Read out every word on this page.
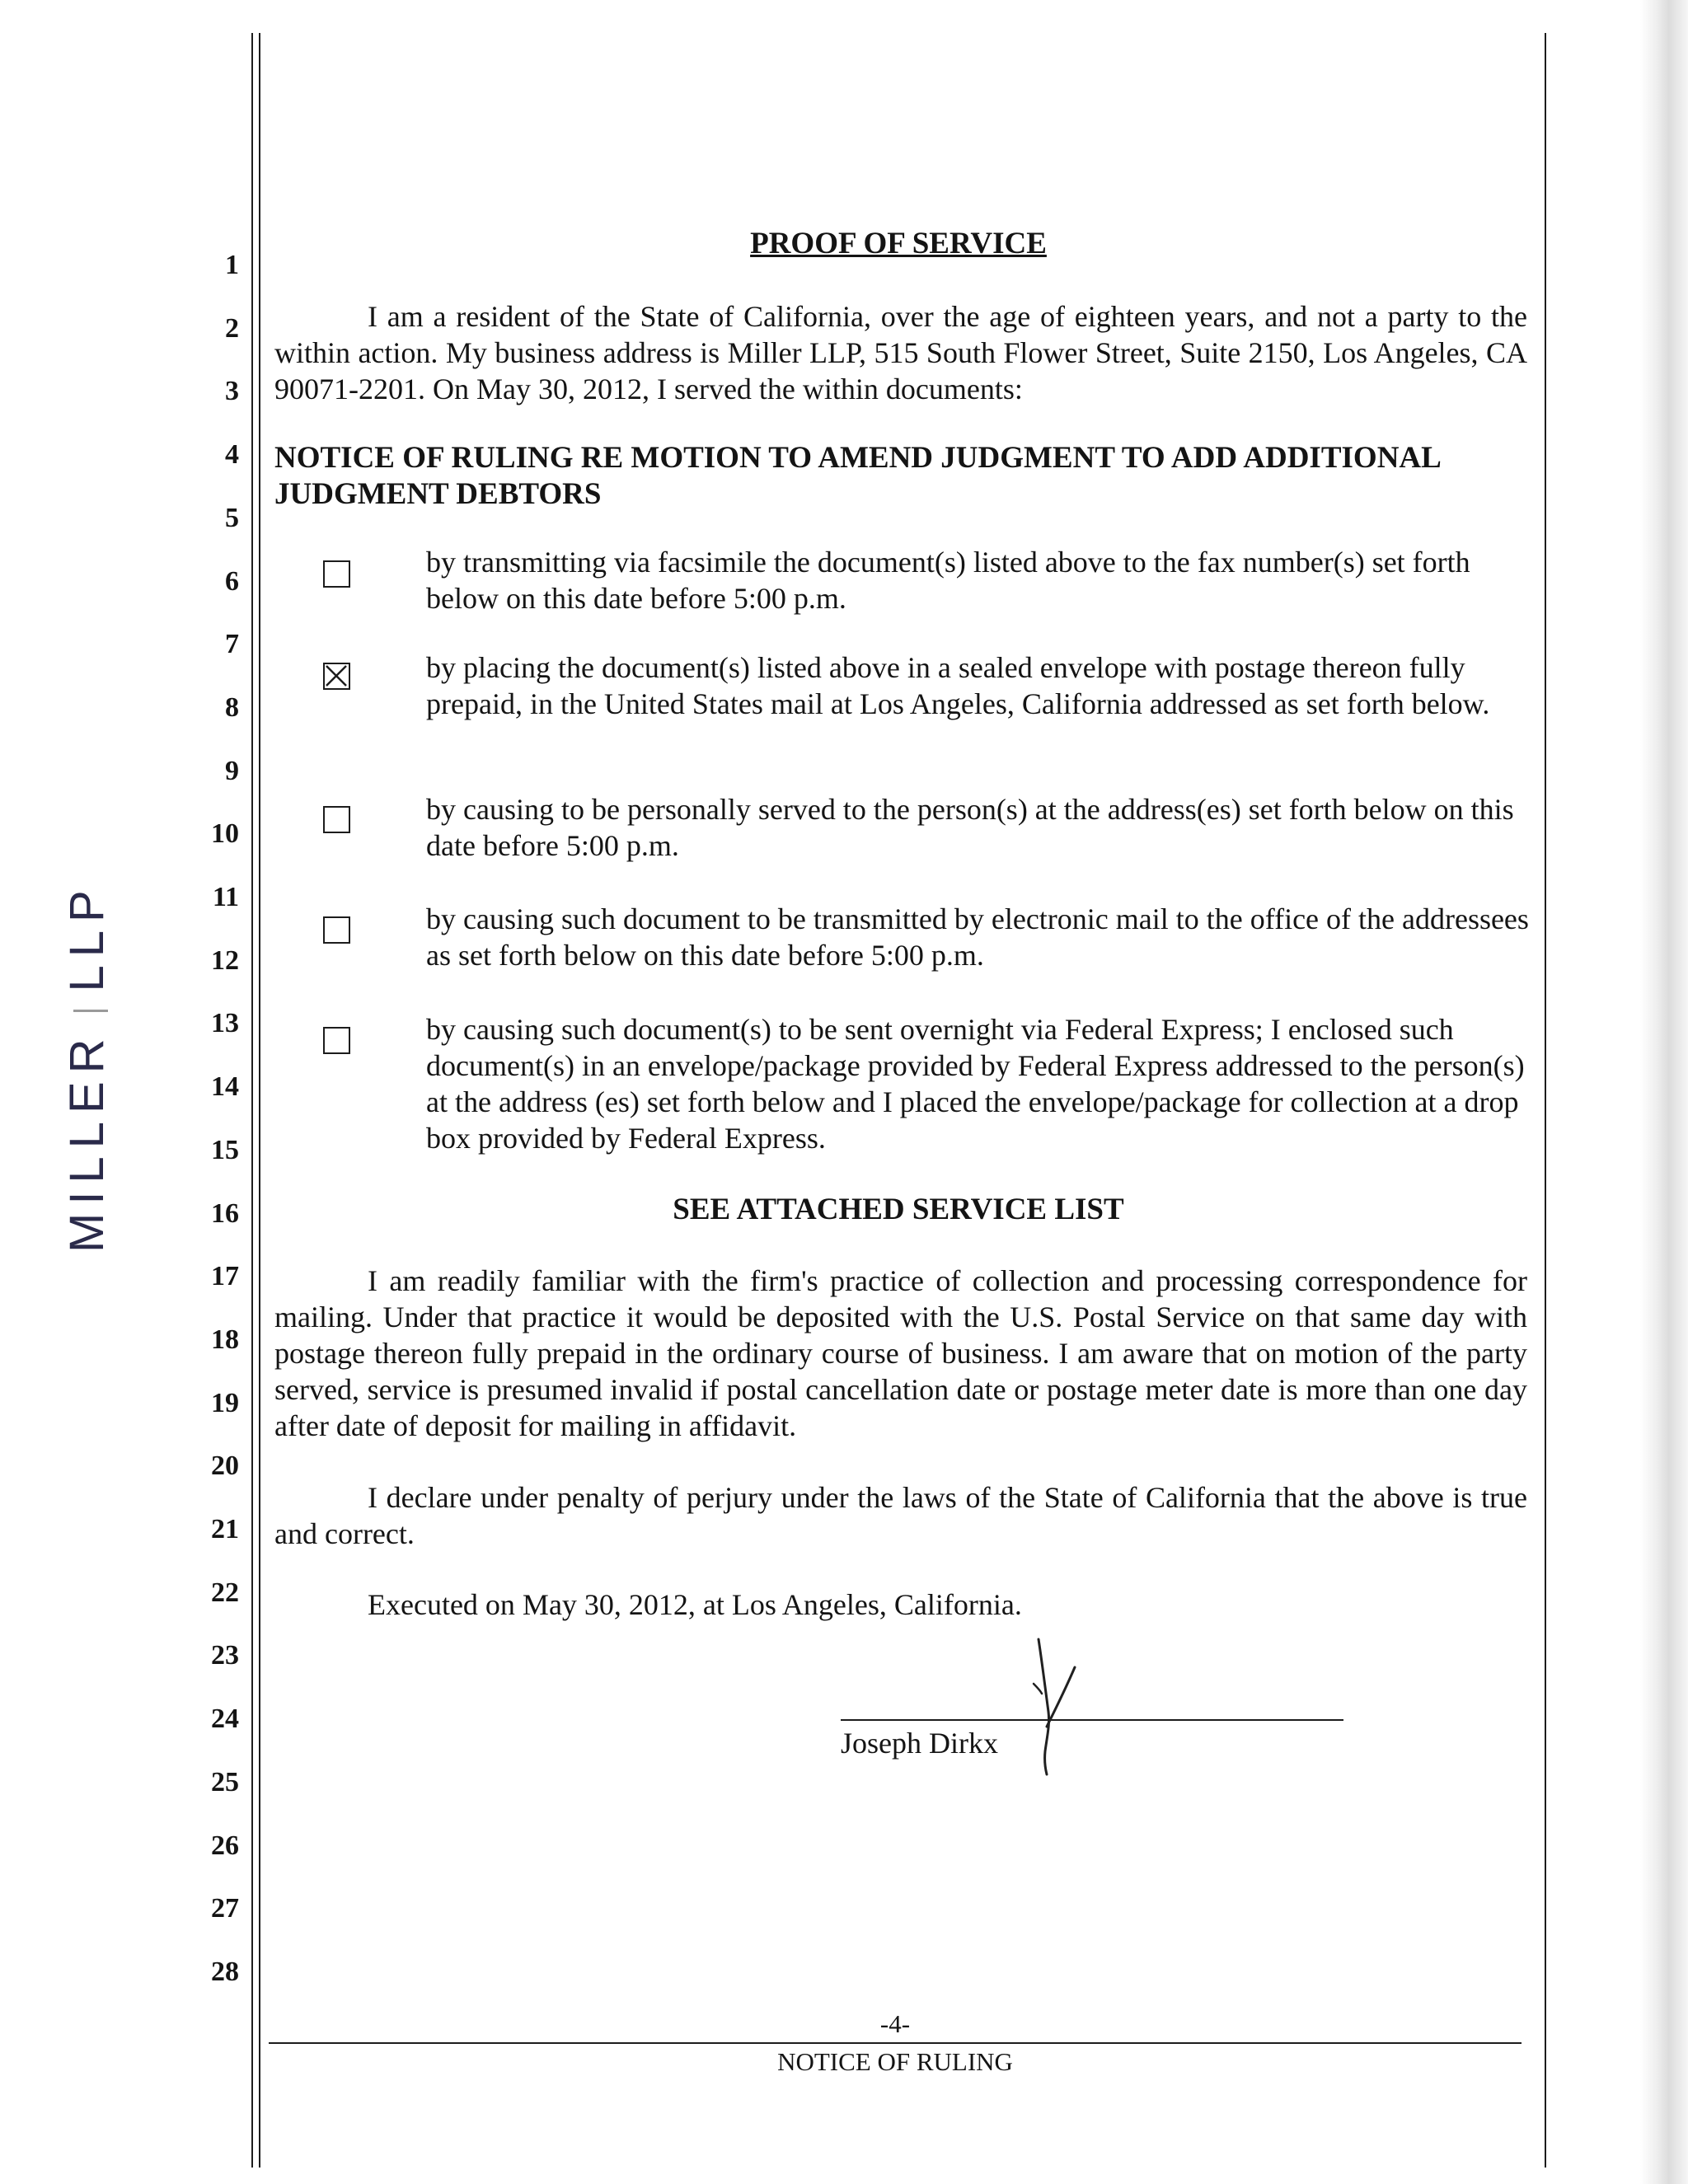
MILLERLLP
1
2
3
4
5
6
7
8
9
10
11
12
13
14
15
16
17
18
19
20
21
22
23
24
25
26
27
28
PROOF OF SERVICE
I am a resident of the State of California, over the age of eighteen years, and not a party to the within action. My business address is Miller LLP, 515 South Flower Street, Suite 2150, Los Angeles, CA 90071-2201. On May 30, 2012, I served the within documents:
NOTICE OF RULING RE MOTION TO AMEND JUDGMENT TO ADD ADDITIONAL JUDGMENT DEBTORS
by transmitting via facsimile the document(s) listed above to the fax number(s) set forth below on this date before 5:00 p.m.
by placing the document(s) listed above in a sealed envelope with postage thereon fully prepaid, in the United States mail at Los Angeles, California addressed as set forth below.
by causing to be personally served to the person(s) at the address(es) set forth below on this date before 5:00 p.m.
by causing such document to be transmitted by electronic mail to the office of the addressees as set forth below on this date before 5:00 p.m.
by causing such document(s) to be sent overnight via Federal Express; I enclosed such document(s) in an envelope/package provided by Federal Express addressed to the person(s) at the address (es) set forth below and I placed the envelope/package for collection at a drop box provided by Federal Express.
SEE ATTACHED SERVICE LIST
I am readily familiar with the firm's practice of collection and processing correspondence for mailing. Under that practice it would be deposited with the U.S. Postal Service on that same day with postage thereon fully prepaid in the ordinary course of business. I am aware that on motion of the party served, service is presumed invalid if postal cancellation date or postage meter date is more than one day after date of deposit for mailing in affidavit.
I declare under penalty of perjury under the laws of the State of California that the above is true and correct.
Executed on May 30, 2012, at Los Angeles, California.
Joseph Dirkx
-4-
NOTICE OF RULING
